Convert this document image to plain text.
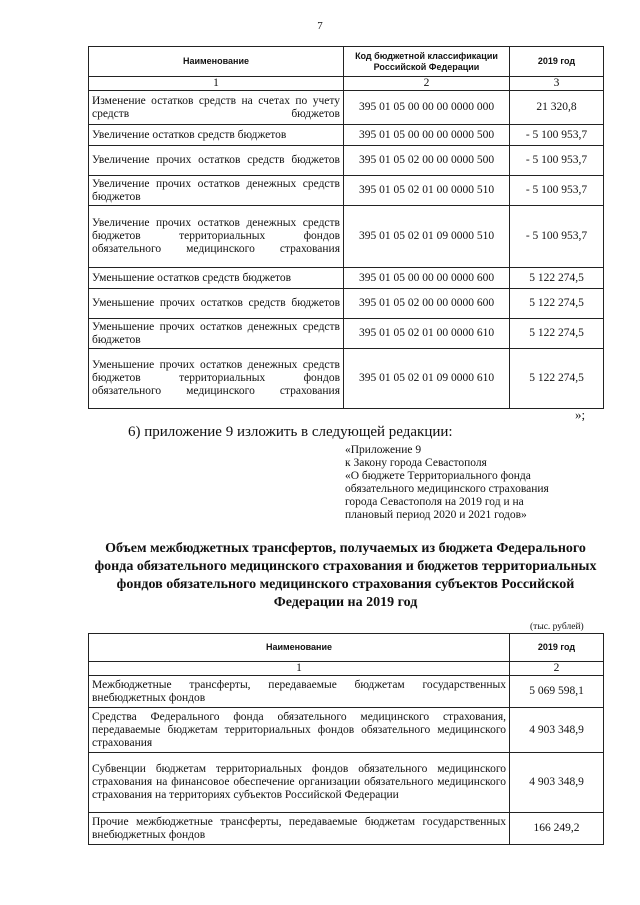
7
Наименование	Код бюджетной классификации Российской Федерации	2019 год
1	2	3
Изменение остатков средств на счетах по учету средств бюджетов	395 01 05 00 00 00 0000 000	21 320,8
Увеличение остатков средств бюджетов	395 01 05 00 00 00 0000 500	- 5 100 953,7
Увеличение прочих остатков средств бюджетов	395 01 05 02 00 00 0000 500	- 5 100 953,7
Увеличение прочих остатков денежных средств бюджетов	395 01 05 02 01 00 0000 510	- 5 100 953,7
Увеличение прочих остатков денежных средств бюджетов территориальных фондов обязательного медицинского страхования	395 01 05 02 01 09 0000 510	- 5 100 953,7
Уменьшение остатков средств бюджетов	395 01 05 00 00 00 0000 600	5 122 274,5
Уменьшение прочих остатков средств бюджетов	395 01 05 02 00 00 0000 600	5 122 274,5
Уменьшение прочих остатков денежных средств бюджетов	395 01 05 02 01 00 0000 610	5 122 274,5
Уменьшение прочих остатков денежных средств бюджетов территориальных фондов обязательного медицинского страхования	395 01 05 02 01 09 0000 610	5 122 274,5
»;
6) приложение 9 изложить в следующей редакции:
«Приложение 9
к Закону города Севастополя
«О бюджете Территориального фонда
обязательного медицинского страхования
города Севастополя на 2019 год и на
плановый период 2020 и 2021 годов»
Объем межбюджетных трансфертов, получаемых из бюджета Федерального фонда обязательного медицинского страхования и бюджетов территориальных фондов обязательного медицинского страхования субъектов Российской Федерации на 2019 год
(тыс. рублей)
Наименование	2019 год
1	2
Межбюджетные трансферты, передаваемые бюджетам государственных внебюджетных фондов	5 069 598,1
Средства Федерального фонда обязательного медицинского страхования, передаваемые бюджетам территориальных фондов обязательного медицинского страхования	4 903 348,9
Субвенции бюджетам территориальных фондов обязательного медицинского страхования на финансовое обеспечение организации обязательного медицинского страхования на территориях субъектов Российской Федерации	4 903 348,9
Прочие межбюджетные трансферты, передаваемые бюджетам государственных внебюджетных фондов	166 249,2
